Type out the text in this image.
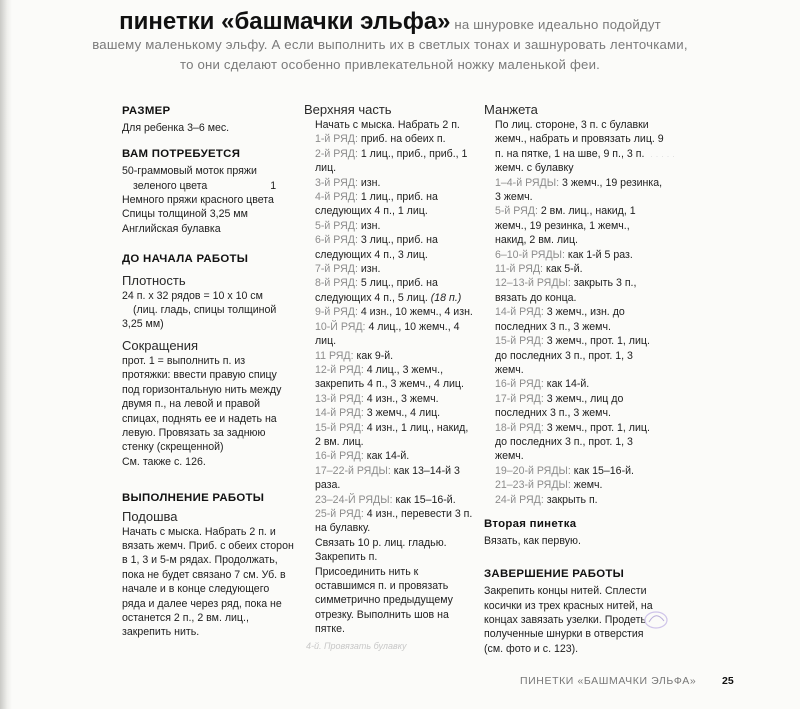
пинетки «башмачки эльфа» на шнуровке идеально подойдут
вашему маленькому эльфу. А если выполнить их в светлых тонах и зашнуровать ленточками,
то они сделают особенно привлекательной ножку маленькой феи.
РАЗМЕР
Для ребенка 3–6 мес.
ВАМ ПОТРЕБУЕТСЯ
50-граммовый моток пряжи
зеленого цвета	1
Немного пряжи красного цвета
Спицы толщиной 3,25 мм
Английская булавка
ДО НАЧАЛА РАБОТЫ
Плотность
24 п. х 32 рядов = 10 х 10 см
(лиц. гладь, спицы толщиной
3,25 мм)
Сокращения
прот. 1 = выполнить п. из протяжки: ввести правую спицу под горизонтальную нить между двумя п., на левой и правой спицах, поднять ее и надеть на левую. Провязать за заднюю стенку (скрещенной)
См. также с. 126.
ВЫПОЛНЕНИЕ РАБОТЫ
Подошва
Начать с мыска. Набрать 2 п. и вязать жемч. Приб. с обеих сторон в 1, 3 и 5-м рядах. Продолжать, пока не будет связано 7 см. Уб. в начале и в конце следующего ряда и далее через ряд, пока не останется 2 п., 2 вм. лиц., закрепить нить.
Верхняя часть
Начать с мыска. Набрать 2 п.
1-й РЯД: приб. на обеих п.
2-й РЯД: 1 лиц., приб., приб., 1 лиц.
3-й РЯД: изн.
4-й РЯД: 1 лиц., приб. на следующих 4 п., 1 лиц.
5-й РЯД: изн.
6-й РЯД: 3 лиц., приб. на следующих 4 п., 3 лиц.
7-й РЯД: изн.
8-й РЯД: 5 лиц., приб. на следующих 4 п., 5 лиц. (18 п.)
9-й РЯД: 4 изн., 10 жемч., 4 изн.
10-Й РЯД: 4 лиц., 10 жемч., 4 лиц.
11 РЯД: как 9-й.
12-й РЯД: 4 лиц., 3 жемч., закрепить 4 п., 3 жемч., 4 лиц.
13-й РЯД: 4 изн., 3 жемч.
14-й РЯД: 3 жемч., 4 лиц.
15-й РЯД: 4 изн., 1 лиц., накид, 2 вм. лиц.
16-й РЯД: как 14-й.
17–22-й РЯДЫ: как 13–14-й 3 раза.
23–24-Й РЯДЫ: как 15–16-й.
25-й РЯД: 4 изн., перевести 3 п. на булавку.
Связать 10 р. лиц. гладью. Закрепить п.
Присоединить нить к оставшимся п. и провязать симметрично предыдущему отрезку. Выполнить шов на пятке.
4-й. Провязать булавку
· · · · ·
Манжета
По лиц. стороне, 3 п. с булавки жемч., набрать и провязать лиц. 9 п. на пятке, 1 на шве, 9 п., 3 п. жемч. с булавку
1–4-й РЯДЫ: 3 жемч., 19 резинка, 3 жемч.
5-й РЯД: 2 вм. лиц., накид, 1 жемч., 19 резинка, 1 жемч., накид, 2 вм. лиц.
6–10-й РЯДЫ: как 1-й 5 раз.
11-й РЯД: как 5-й.
12–13-й РЯДЫ: закрыть 3 п., вязать до конца.
14-й РЯД: 3 жемч., изн. до последних 3 п., 3 жемч.
15-й РЯД: 3 жемч., прот. 1, лиц. до последних 3 п., прот. 1, 3 жемч.
16-й РЯД: как 14-й.
17-й РЯД: 3 жемч., лиц до последних 3 п., 3 жемч.
18-й РЯД: 3 жемч., прот. 1, лиц. до последних 3 п., прот. 1, 3 жемч.
19–20-й РЯДЫ: как 15–16-й.
21–23-й РЯДЫ: жемч.
24-й РЯД: закрыть п.
Вторая пинетка
Вязать, как первую.
ЗАВЕРШЕНИЕ РАБОТЫ
Закрепить концы нитей. Сплести косички из трех красных нитей, на концах завязать узелки. Продеть полученные шнурки в отверстия (см. фото и с. 123).
ПИНЕТКИ «БАШМАЧКИ ЭЛЬФА» 25
